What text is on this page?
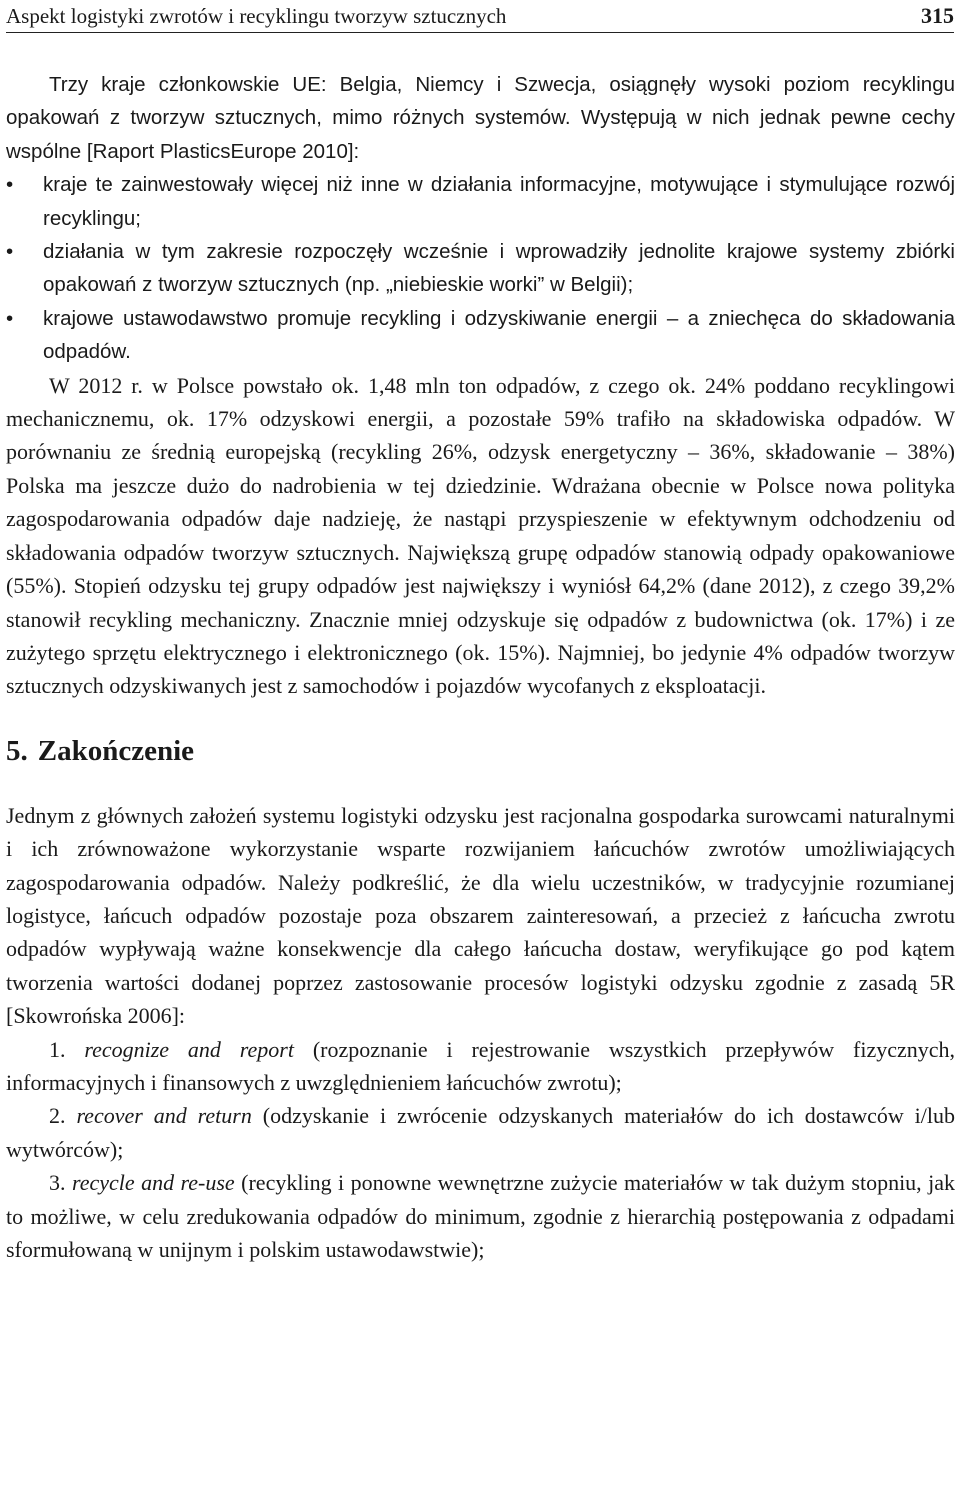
Aspekt logistyki zwrotów i recyklingu tworzyw sztucznych	315

Trzy kraje członkowskie UE: Belgia, Niemcy i Szwecja, osiągnęły wysoki poziom recyklingu opakowań z tworzyw sztucznych, mimo różnych systemów. Występują w nich jednak pewne cechy wspólne [Raport PlasticsEurope 2010]:

• kraje te zainwestowały więcej niż inne w działania informacyjne, motywujące i stymulujące rozwój recyklingu;
• działania w tym zakresie rozpoczęły wcześnie i wprowadziły jednolite krajowe systemy zbiórki opakowań z tworzyw sztucznych (np. „niebieskie worki” w Belgii);
• krajowe ustawodawstwo promuje recykling i odzyskiwanie energii – a zniechęca do składowania odpadów.

W 2012 r. w Polsce powstało ok. 1,48 mln ton odpadów, z czego ok. 24% poddano recyklingowi mechanicznemu, ok. 17% odzyskowi energii, a pozostałe 59% trafiło na składowiska odpadów. W porównaniu ze średnią europejską (recykling 26%, odzysk energetyczny – 36%, składowanie – 38%) Polska ma jeszcze dużo do nadrobienia w tej dziedzinie. Wdrażana obecnie w Polsce nowa polityka zagospodarowania odpadów daje nadzieję, że nastąpi przyspieszenie w efektywnym odchodzeniu od składowania odpadów tworzyw sztucznych. Największą grupę odpadów stanowią odpady opakowaniowe (55%). Stopień odzysku tej grupy odpadów jest największy i wyniósł 64,2% (dane 2012), z czego 39,2% stanowił recykling mechaniczny. Znacznie mniej odzyskuje się odpadów z budownictwa (ok. 17%) i ze zużytego sprzętu elektrycznego i elektronicznego (ok. 15%). Najmniej, bo jedynie 4% odpadów tworzyw sztucznych odzyskiwanych jest z samochodów i pojazdów wycofanych z eksploatacji.

5. Zakończenie

Jednym z głównych założeń systemu logistyki odzysku jest racjonalna gospodarka surowcami naturalnymi i ich zrównoważone wykorzystanie wsparte rozwijaniem łańcuchów zwrotów umożliwiających zagospodarowania odpadów. Należy podkreślić, że dla wielu uczestników, w tradycyjnie rozumianej logistyce, łańcuch odpadów pozostaje poza obszarem zainteresowań, a przecież z łańcucha zwrotu odpadów wypływają ważne konsekwencje dla całego łańcucha dostaw, weryfikujące go pod kątem tworzenia wartości dodanej poprzez zastosowanie procesów logistyki odzysku zgodnie z zasadą 5R [Skowrońska 2006]:

1. recognize and report (rozpoznanie i rejestrowanie wszystkich przepływów fizycznych, informacyjnych i finansowych z uwzględnieniem łańcuchów zwrotu);

2. recover and return (odzyskanie i zwrócenie odzyskanych materiałów do ich dostawców i/lub wytwórców);

3. recycle and re-use (recykling i ponowne wewnętrzne zużycie materiałów w tak dużym stopniu, jak to możliwe, w celu zredukowania odpadów do minimum, zgodnie z hierarchią postępowania z odpadami sformułowaną w unijnym i polskim ustawodawstwie);
